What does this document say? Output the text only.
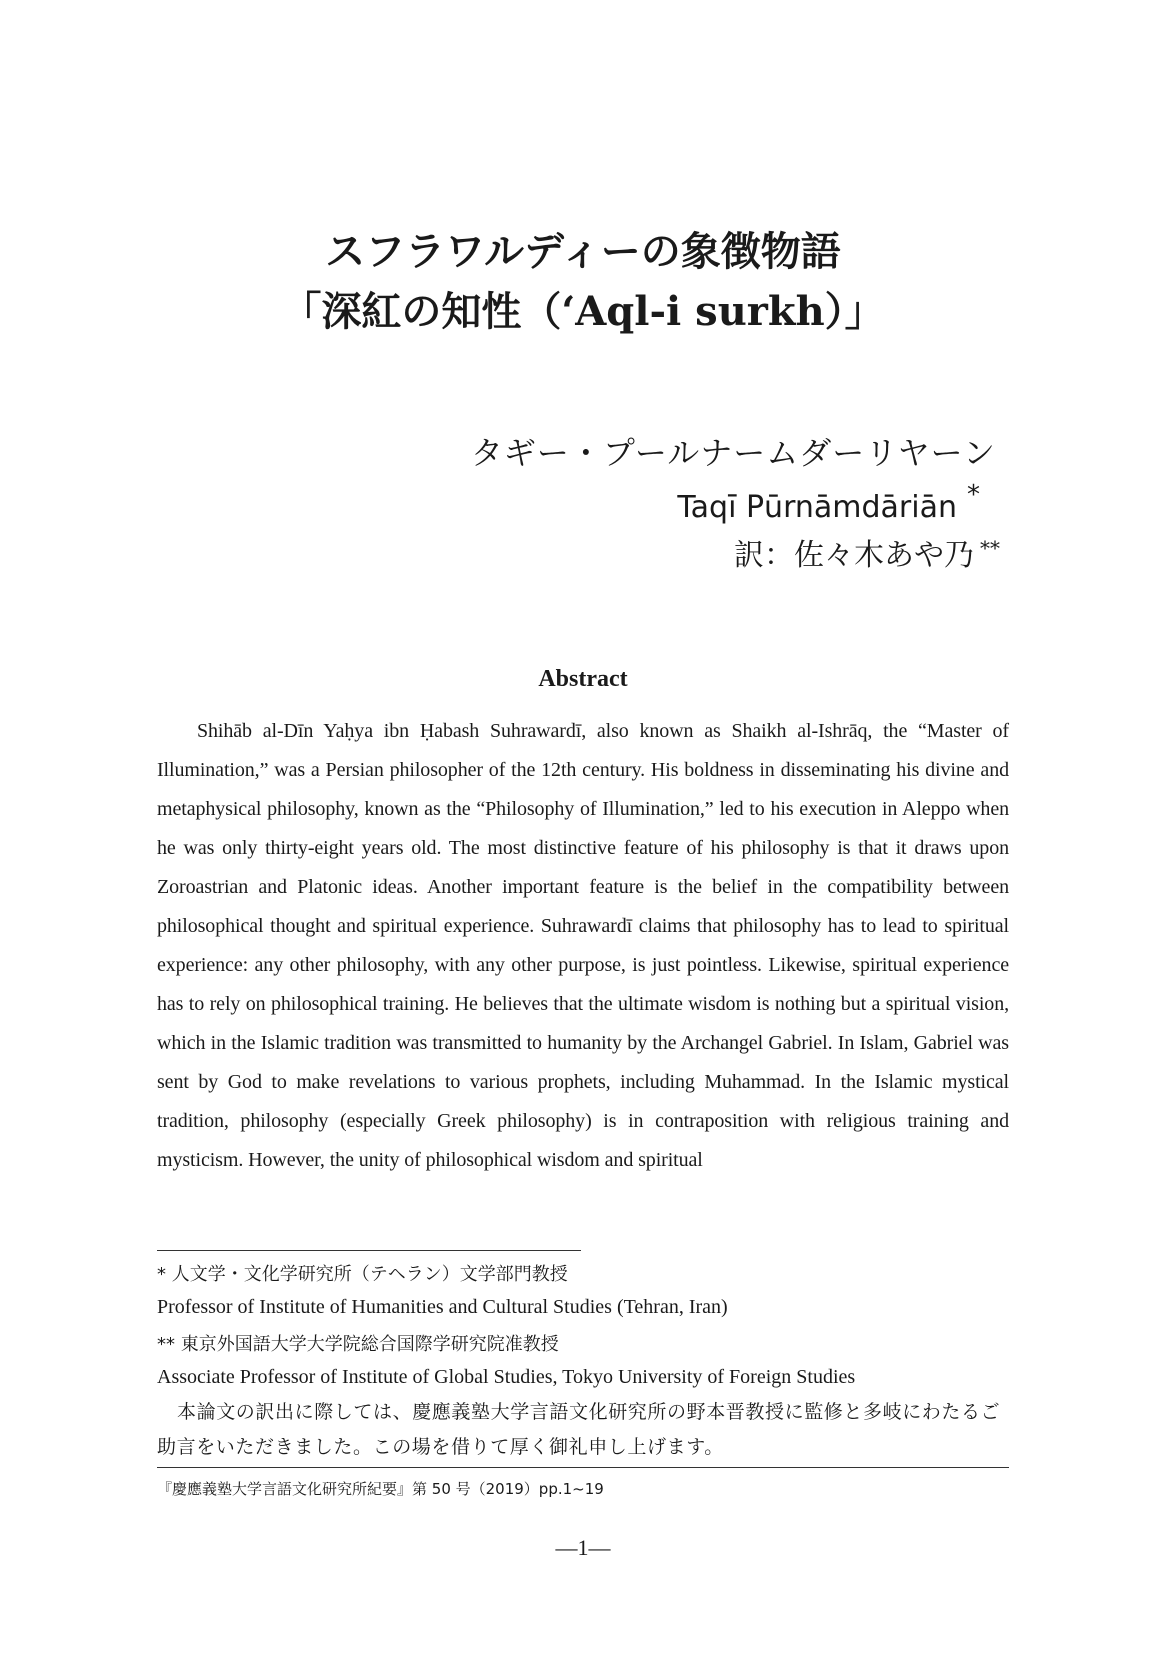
スフラワルディーの象徴物語
「深紅の知性（‘Aql-i surkh）」
タギー・プールナームダーリヤーン
Taqī Pūrnāmdāriān *
訳：佐々木あや乃 **
Abstract

Shihāb al-Dīn Yaḥya ibn Ḥabash Suhrawardī, also known as Shaikh al-Ishrāq, the “Master of Illumination,” was a Persian philosopher of the 12th century. His boldness in disseminating his divine and metaphysical philosophy, known as the “Philosophy of Illumination,” led to his execution in Aleppo when he was only thirty-eight years old. The most distinctive feature of his philosophy is that it draws upon Zoroastrian and Platonic ideas. Another important feature is the belief in the compatibility between philosophical thought and spiritual experience. Suhrawardī claims that philosophy has to lead to spiritual experience: any other philosophy, with any other purpose, is just pointless. Likewise, spiritual experience has to rely on philosophical training. He believes that the ultimate wisdom is nothing but a spiritual vision, which in the Islamic tradition was transmitted to humanity by the Archangel Gabriel. In Islam, Gabriel was sent by God to make revelations to various prophets, including Muhammad. In the Islamic mystical tradition, philosophy (especially Greek philosophy) is in contraposition with religious training and mysticism. However, the unity of philosophical wisdom and spiritual

* 人文学・文化学研究所（テヘラン）文学部門教授
Professor of Institute of Humanities and Cultural Studies (Tehran, Iran)
** 東京外国語大学大学院総合国際学研究院准教授
Associate Professor of Institute of Global Studies, Tokyo University of Foreign Studies

本論文の訳出に際しては、慶應義塾大学言語文化研究所の野本晋教授に監修と多岐にわたるご助言をいただきました。この場を借りて厚く御礼申し上げます。

『慶應義塾大学言語文化研究所紀要』第 50 号（2019）pp.1~19
—1—
